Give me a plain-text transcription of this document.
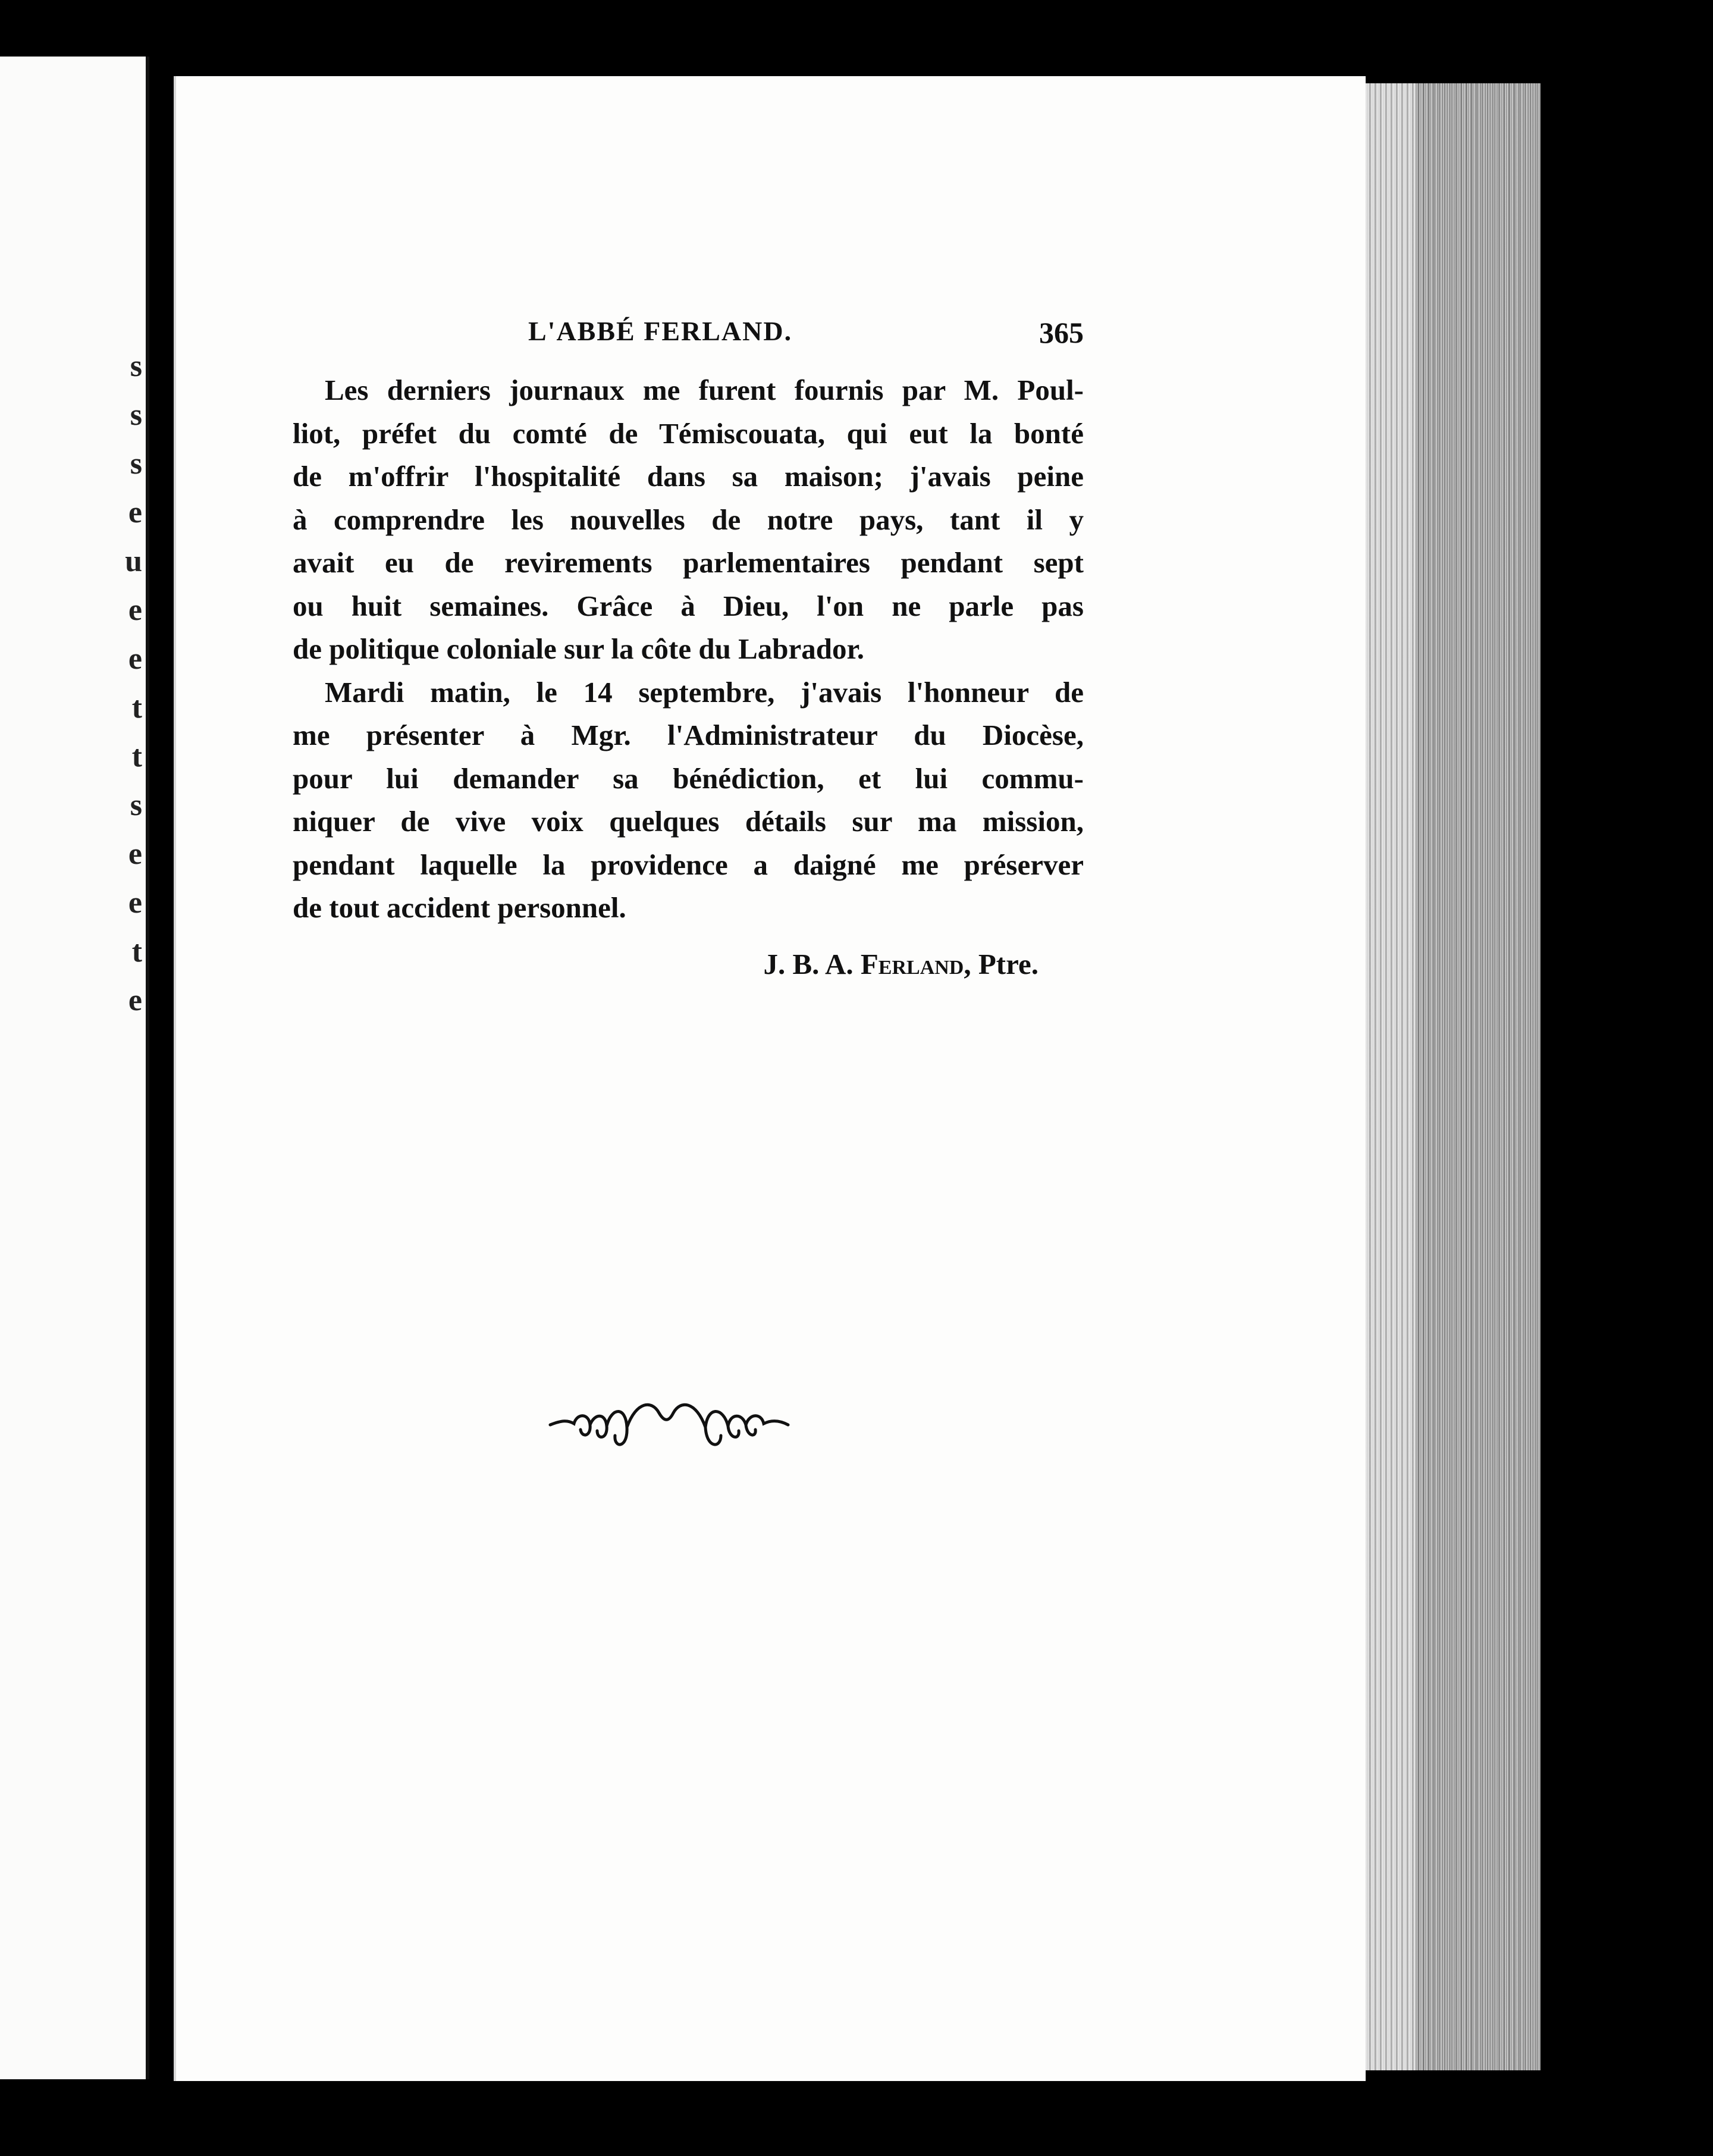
s
s
s
e
u
e
e
t
t
s
e
e
t
e
L'ABBÉ FERLAND.	365

Les derniers journaux me furent fournis par M. Poul-
liot, préfet du comté de Témiscouata, qui eut la bonté
de m'offrir l'hospitalité dans sa maison; j'avais peine
à comprendre les nouvelles de notre pays, tant il y
avait eu de revirements parlementaires pendant sept
ou huit semaines. Grâce à Dieu, l'on ne parle pas
de politique coloniale sur la côte du Labrador.

Mardi matin, le 14 septembre, j'avais l'honneur de
me présenter à Mgr. l'Administrateur du Diocèse,
pour lui demander sa bénédiction, et lui commu-
niquer de vive voix quelques détails sur ma mission,
pendant laquelle la providence a daigné me préserver
de tout accident personnel.

J. B. A. Ferland, Ptre.
